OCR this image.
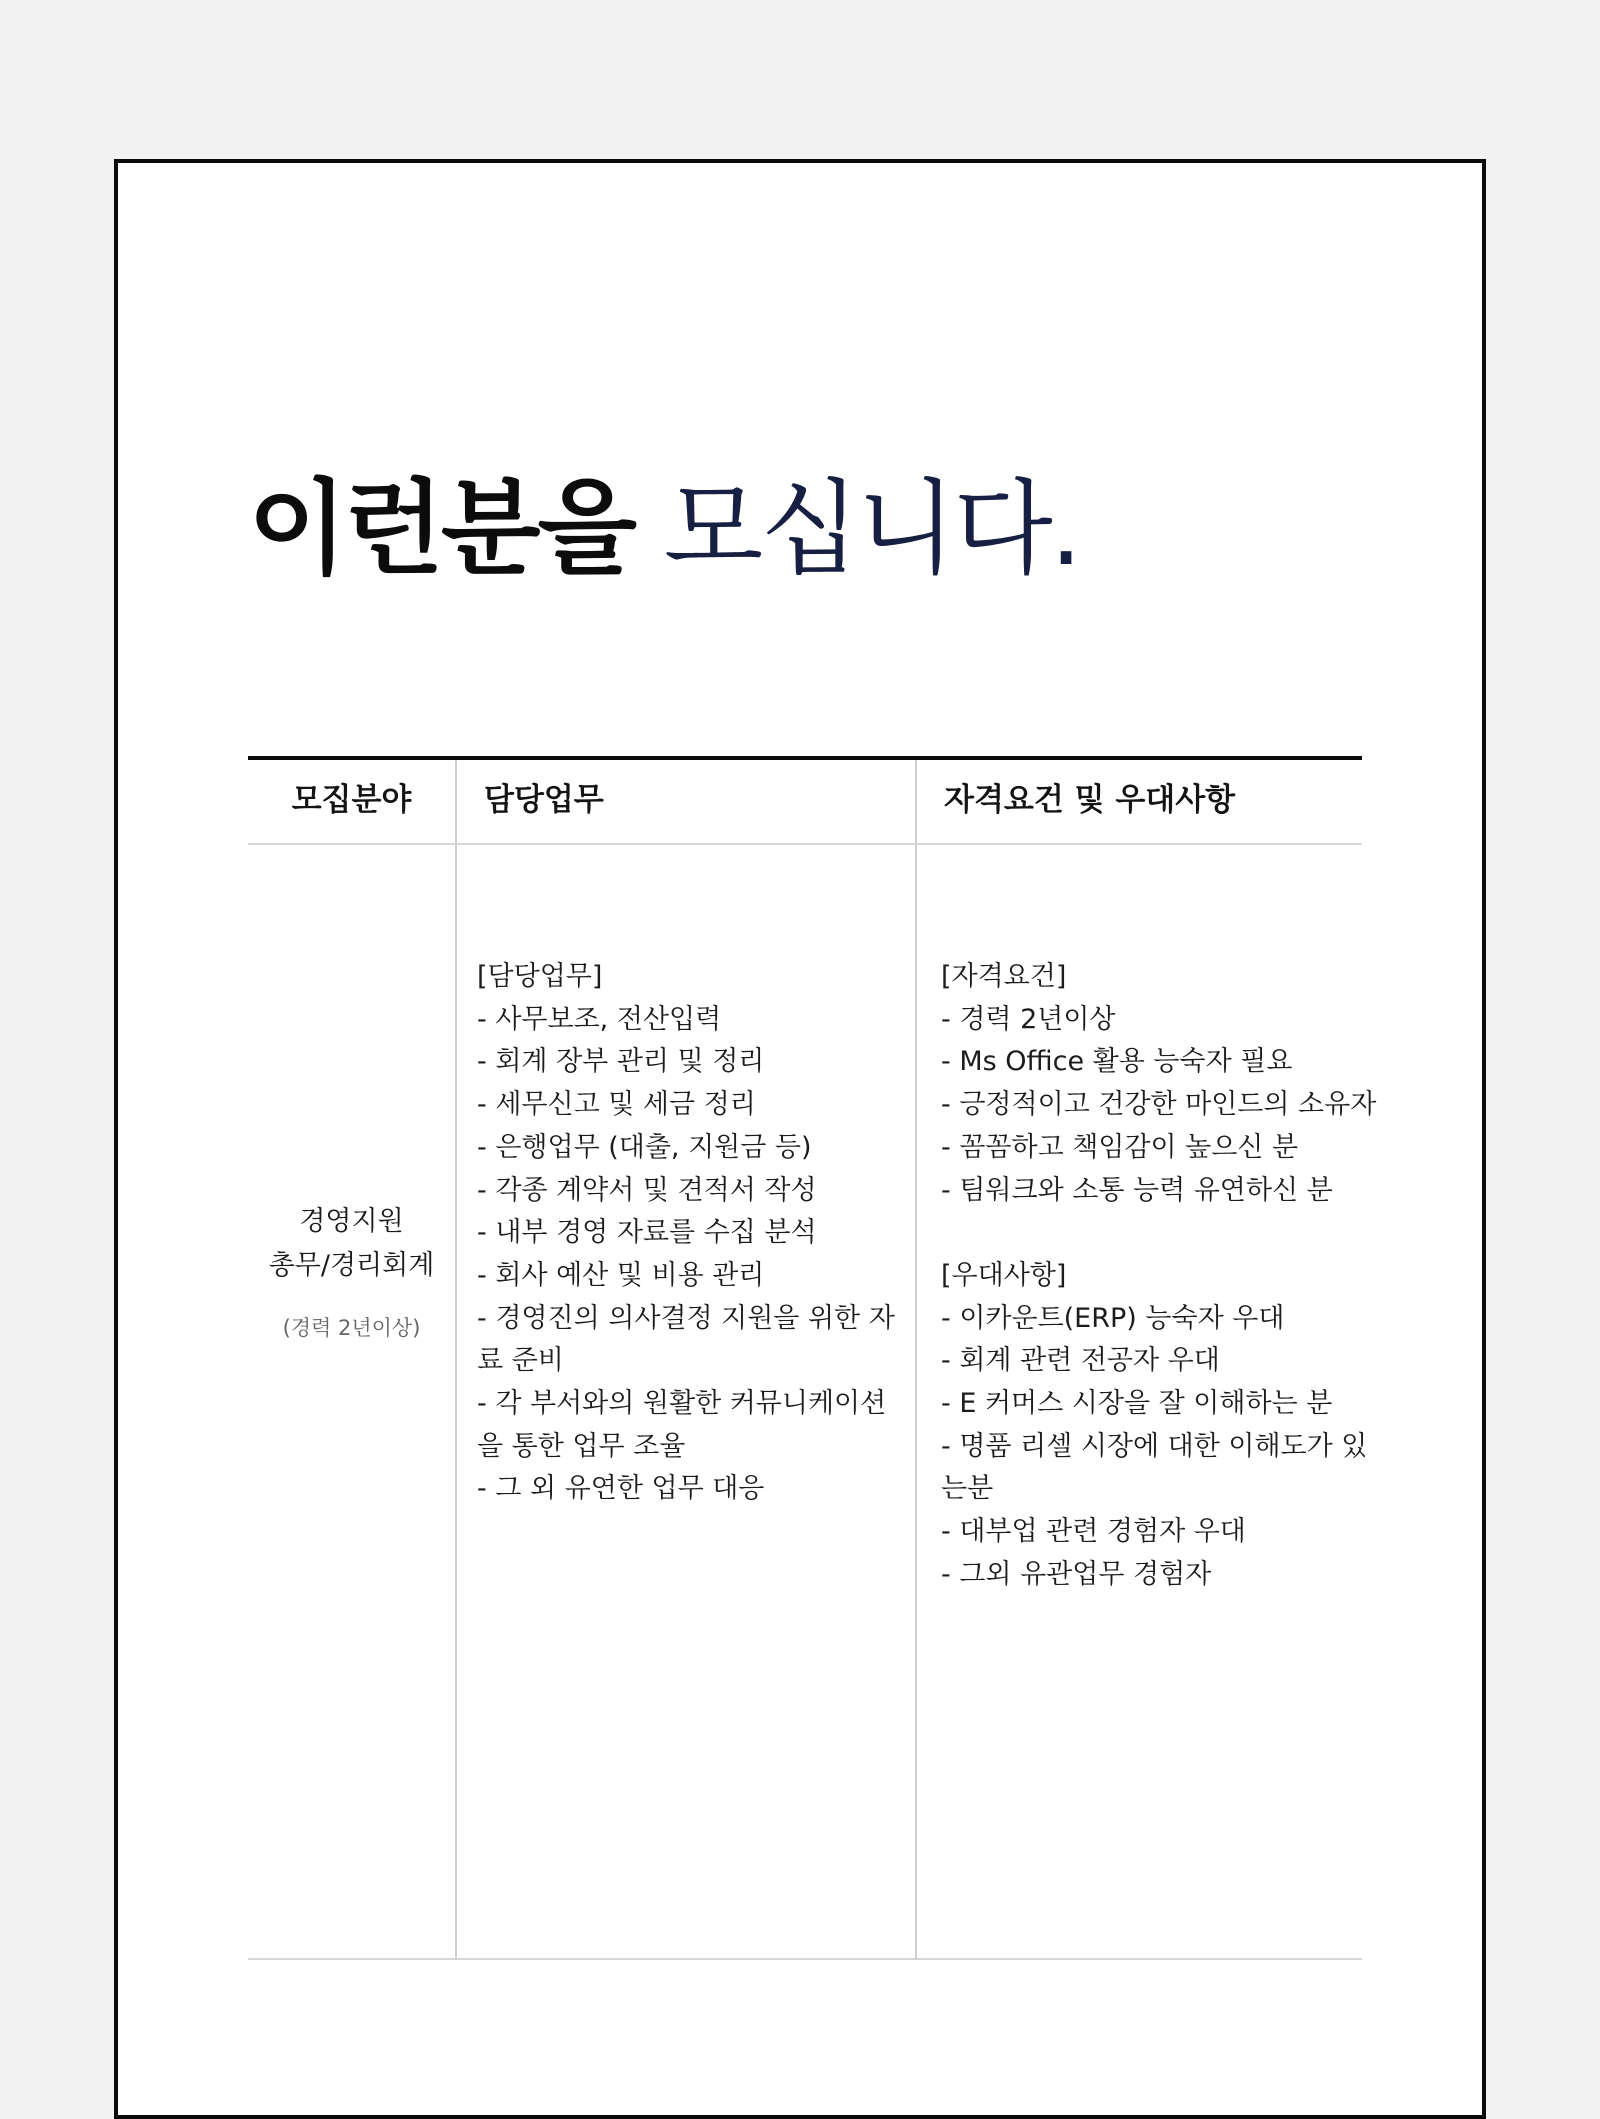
이런분을 모십니다.
모집분야	담당업무	자격요건 및 우대사항
경영지원
총무/경리회계
(경력 2년이상)
[담당업무]
- 사무보조, 전산입력
- 회계 장부 관리 및 정리
- 세무신고 및 세금 정리
- 은행업무 (대출, 지원금 등)
- 각종 계약서 및 견적서 작성
- 내부 경영 자료를 수집 분석
- 회사 예산 및 비용 관리
- 경영진의 의사결정 지원을 위한 자
료 준비
- 각 부서와의 원활한 커뮤니케이션
을 통한 업무 조율
- 그 외 유연한 업무 대응
[자격요건]
- 경력 2년이상
- Ms Office 활용 능숙자 필요
- 긍정적이고 건강한 마인드의 소유자
- 꼼꼼하고 책임감이 높으신 분
- 팀워크와 소통 능력 유연하신 분
[우대사항]
- 이카운트(ERP) 능숙자 우대
- 회계 관련 전공자 우대
- E 커머스 시장을 잘 이해하는 분
- 명품 리셀 시장에 대한 이해도가 있
는분
- 대부업 관련 경험자 우대
- 그외 유관업무 경험자
